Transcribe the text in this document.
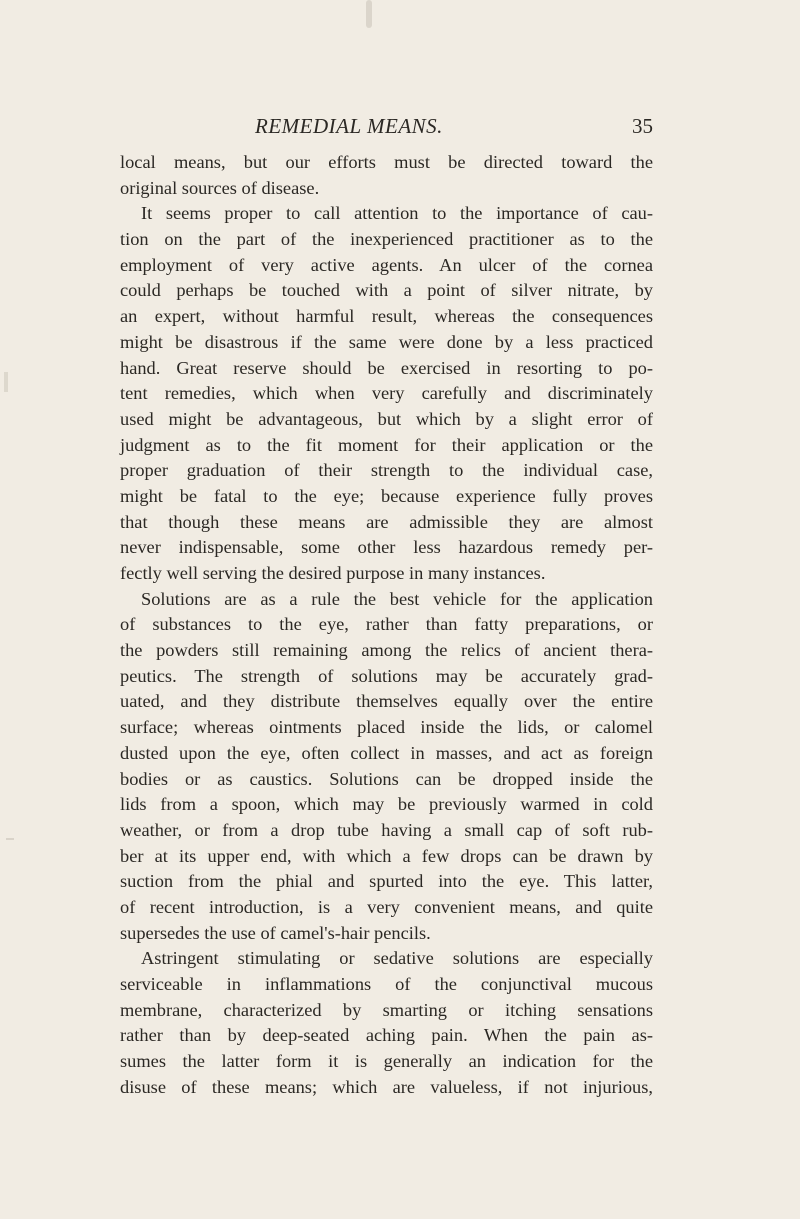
REMEDIAL MEANS.	35
local means, but our efforts must be directed toward the
original sources of disease.
It seems proper to call attention to the importance of cau-
tion on the part of the inexperienced practitioner as to the
employment of very active agents. An ulcer of the cornea
could perhaps be touched with a point of silver nitrate, by
an expert, without harmful result, whereas the consequences
might be disastrous if the same were done by a less practiced
hand. Great reserve should be exercised in resorting to po-
tent remedies, which when very carefully and discriminately
used might be advantageous, but which by a slight error of
judgment as to the fit moment for their application or the
proper graduation of their strength to the individual case,
might be fatal to the eye; because experience fully proves
that though these means are admissible they are almost
never indispensable, some other less hazardous remedy per-
fectly well serving the desired purpose in many instances.
Solutions are as a rule the best vehicle for the application
of substances to the eye, rather than fatty preparations, or
the powders still remaining among the relics of ancient thera-
peutics. The strength of solutions may be accurately grad-
uated, and they distribute themselves equally over the entire
surface; whereas ointments placed inside the lids, or calomel
dusted upon the eye, often collect in masses, and act as foreign
bodies or as caustics. Solutions can be dropped inside the
lids from a spoon, which may be previously warmed in cold
weather, or from a drop tube having a small cap of soft rub-
ber at its upper end, with which a few drops can be drawn by
suction from the phial and spurted into the eye. This latter,
of recent introduction, is a very convenient means, and quite
supersedes the use of camel's-hair pencils.
Astringent stimulating or sedative solutions are especially
serviceable in inflammations of the conjunctival mucous
membrane, characterized by smarting or itching sensations
rather than by deep-seated aching pain. When the pain as-
sumes the latter form it is generally an indication for the
disuse of these means; which are valueless, if not injurious,
